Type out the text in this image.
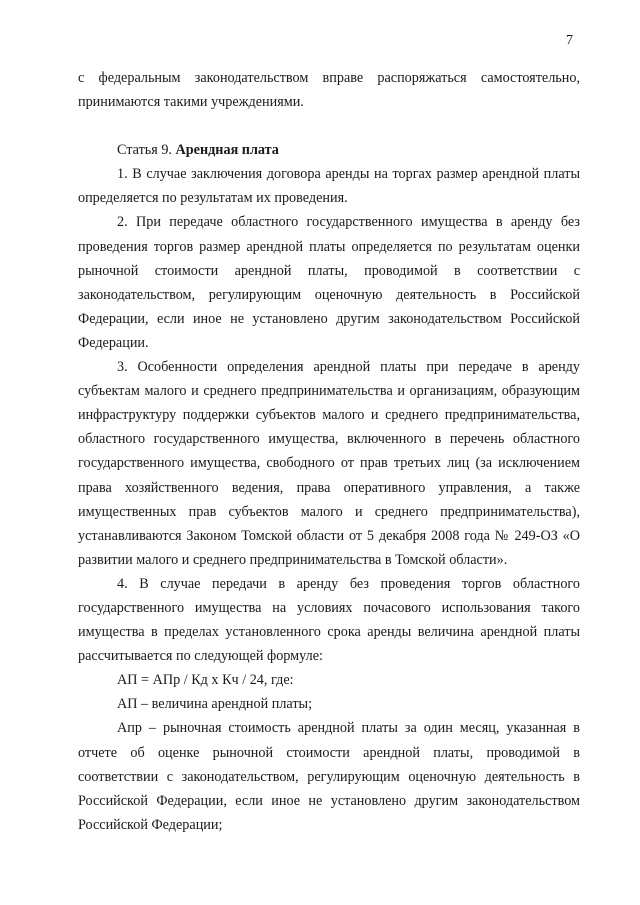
7

с федеральным законодательством вправе распоряжаться самостоятельно, принимаются такими учреждениями.

Статья 9. Арендная плата

1. В случае заключения договора аренды на торгах размер арендной платы определяется по результатам их проведения.

2. При передаче областного государственного имущества в аренду без проведения торгов размер арендной платы определяется по результатам оценки рыночной стоимости арендной платы, проводимой в соответствии с законодательством, регулирующим оценочную деятельность в Российской Федерации, если иное не установлено другим законодательством Российской Федерации.

3. Особенности определения арендной платы при передаче в аренду субъектам малого и среднего предпринимательства и организациям, образующим инфраструктуру поддержки субъектов малого и среднего предпринимательства, областного государственного имущества, включенного в перечень областного государственного имущества, свободного от прав третьих лиц (за исключением права хозяйственного ведения, права оперативного управления, а также имущественных прав субъектов малого и среднего предпринимательства), устанавливаются Законом Томской области от 5 декабря 2008 года № 249-ОЗ «О развитии малого и среднего предпринимательства в Томской области».

4. В случае передачи в аренду без проведения торгов областного государственного имущества на условиях почасового использования такого имущества в пределах установленного срока аренды величина арендной платы рассчитывается по следующей формуле:

АП = АПр / Кд х Кч / 24, где:

АП – величина арендной платы;

Апр – рыночная стоимость арендной платы за один месяц, указанная в отчете об оценке рыночной стоимости арендной платы, проводимой в соответствии с законодательством, регулирующим оценочную деятельность в Российской Федерации, если иное не установлено другим законодательством Российской Федерации;
